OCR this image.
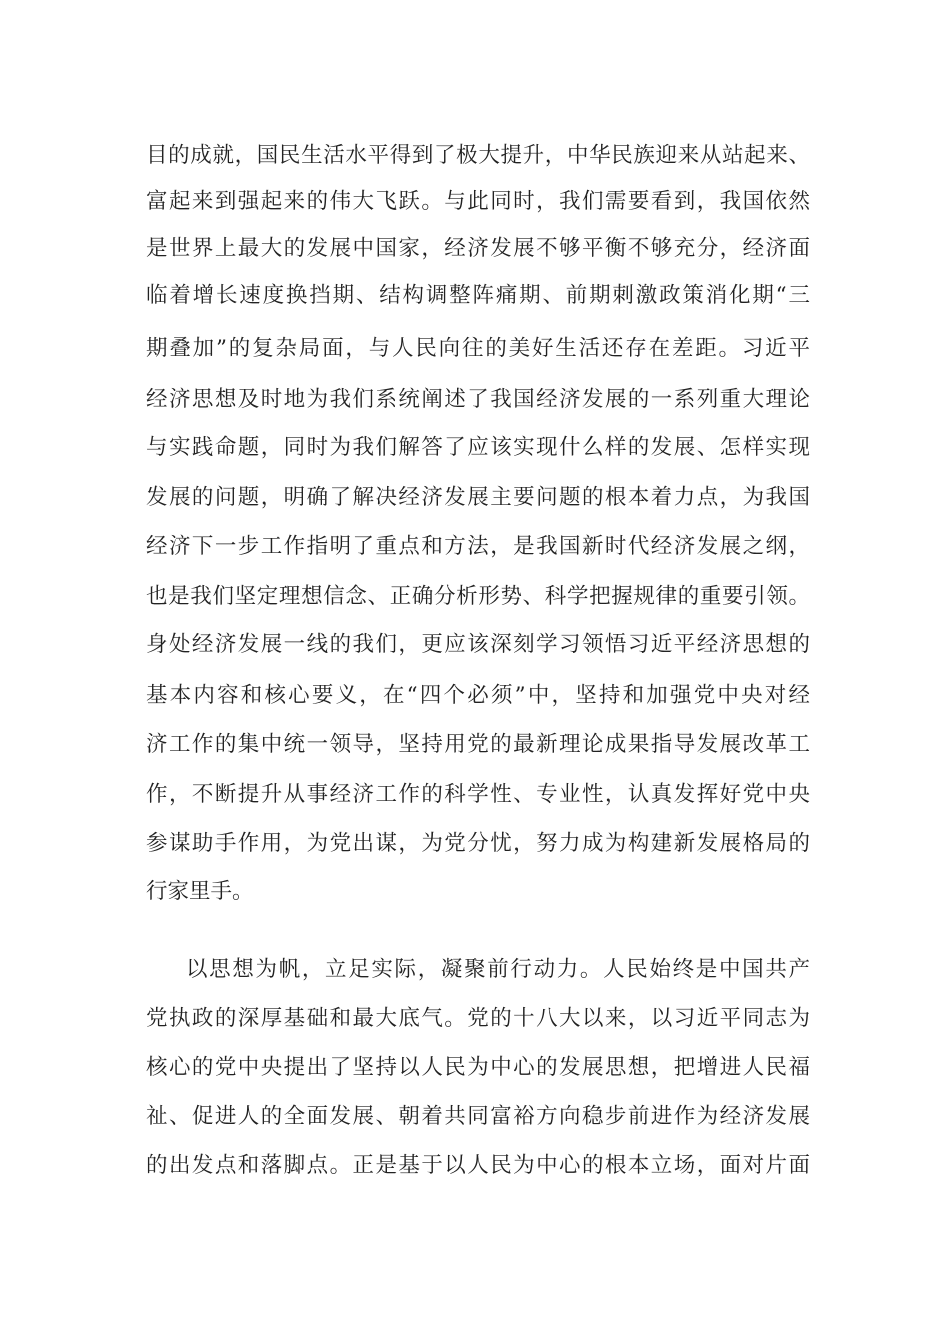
目的成就，国民生活水平得到了极大提升，中华民族迎来从站起来、
富起来到强起来的伟大飞跃。与此同时，我们需要看到，我国依然
是世界上最大的发展中国家，经济发展不够平衡不够充分，经济面
临着增长速度换挡期、结构调整阵痛期、前期刺激政策消化期“三
期叠加”的复杂局面，与人民向往的美好生活还存在差距。习近平
经济思想及时地为我们系统阐述了我国经济发展的一系列重大理论
与实践命题，同时为我们解答了应该实现什么样的发展、怎样实现
发展的问题，明确了解决经济发展主要问题的根本着力点，为我国
经济下一步工作指明了重点和方法，是我国新时代经济发展之纲，
也是我们坚定理想信念、正确分析形势、科学把握规律的重要引领。
身处经济发展一线的我们，更应该深刻学习领悟习近平经济思想的
基本内容和核心要义，在“四个必须”中，坚持和加强党中央对经
济工作的集中统一领导，坚持用党的最新理论成果指导发展改革工
作，不断提升从事经济工作的科学性、专业性，认真发挥好党中央
参谋助手作用，为党出谋，为党分忧，努力成为构建新发展格局的
行家里手。
以思想为帆，立足实际，凝聚前行动力。人民始终是中国共产
党执政的深厚基础和最大底气。党的十八大以来，以习近平同志为
核心的党中央提出了坚持以人民为中心的发展思想，把增进人民福
祉、促进人的全面发展、朝着共同富裕方向稳步前进作为经济发展
的出发点和落脚点。正是基于以人民为中心的根本立场，面对片面
